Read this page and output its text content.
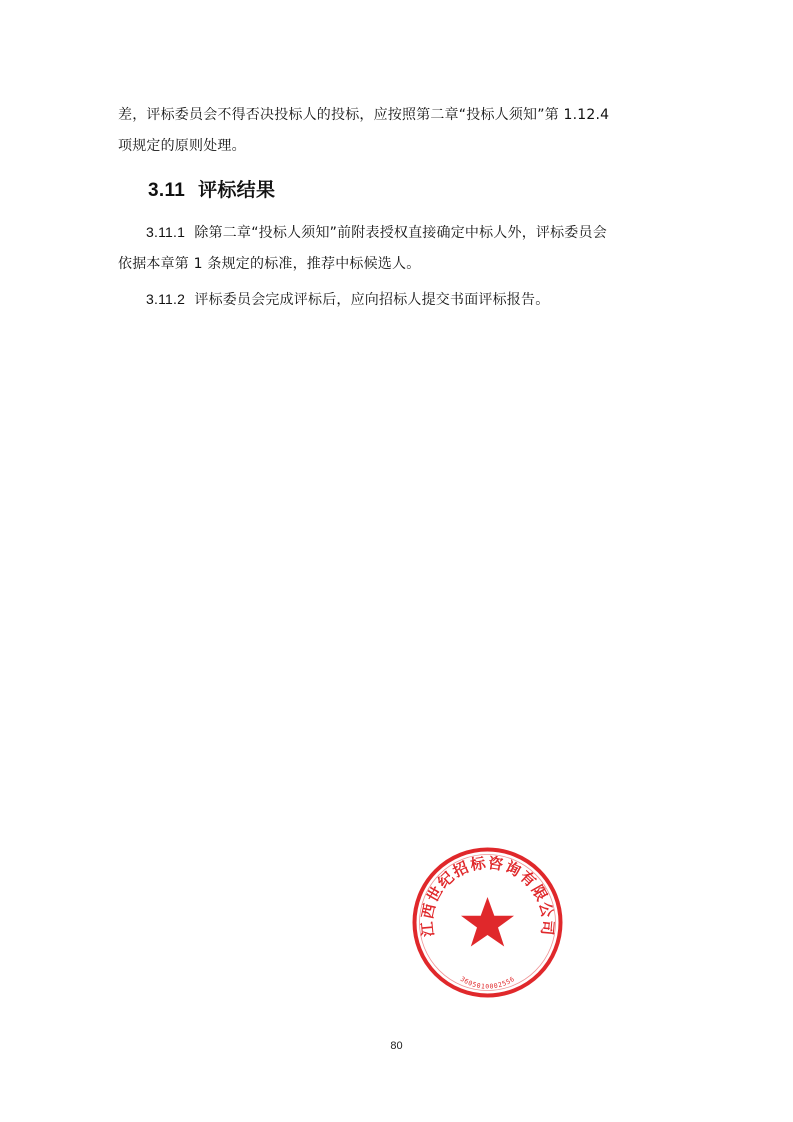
差，评标委员会不得否决投标人的投标，应按照第二章“投标人须知”第 1.12.4
项规定的原则处理。

3.11 评标结果

3.11.1 除第二章“投标人须知”前附表授权直接确定中标人外，评标委员会
依据本章第 1 条规定的标准，推荐中标候选人。

3.11.2 评标委员会完成评标后，应向招标人提交书面评标报告。

江西世纪招标咨询有限公司
3605010002556
80
